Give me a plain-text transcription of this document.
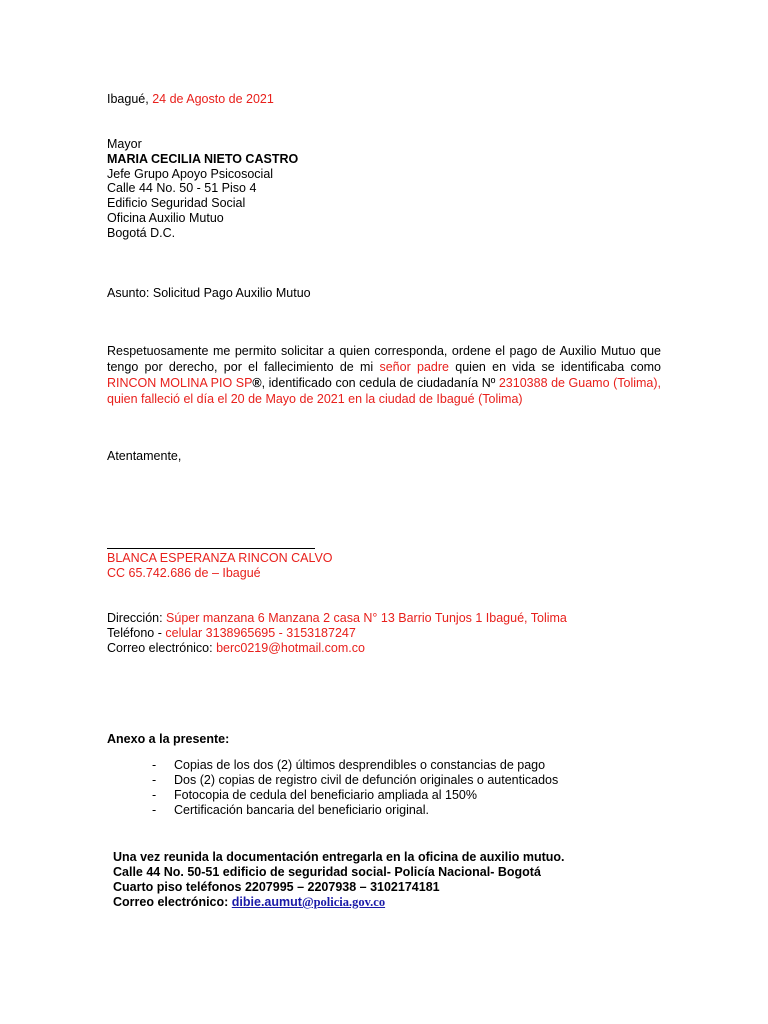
Ibagué, 24 de Agosto de 2021
Mayor
MARIA CECILIA NIETO CASTRO
Jefe Grupo Apoyo Psicosocial
Calle 44 No. 50 - 51 Piso 4
Edificio Seguridad Social
Oficina Auxilio Mutuo
Bogotá D.C.
Asunto: Solicitud Pago Auxilio Mutuo
Respetuosamente me permito solicitar a quien corresponda, ordene el pago de Auxilio Mutuo que tengo por derecho, por el fallecimiento de mi señor padre quien en vida se identificaba como RINCON MOLINA PIO SP®, identificado con cedula de ciudadanía Nº 2310388 de Guamo (Tolima), quien falleció el día el 20 de Mayo de 2021 en la ciudad de Ibagué (Tolima)
Atentamente,
BLANCA ESPERANZA RINCON CALVO
CC 65.742.686 de – Ibagué
Dirección: Súper manzana 6 Manzana 2 casa N° 13 Barrio Tunjos 1 Ibagué, Tolima
Teléfono - celular 3138965695 - 3153187247
Correo electrónico: berc0219@hotmail.com.co
Anexo a la presente:
- Copias de los dos (2) últimos desprendibles o constancias de pago
- Dos (2) copias de registro civil de defunción originales o autenticados
- Fotocopia de cedula del beneficiario ampliada al 150%
- Certificación bancaria del beneficiario original.
Una vez reunida la documentación entregarla en la oficina de auxilio mutuo.
Calle 44 No. 50-51 edificio de seguridad social- Policía Nacional- Bogotá
Cuarto piso teléfonos 2207995 – 2207938 – 3102174181
Correo electrónico: dibie.aumut@policia.gov.co
